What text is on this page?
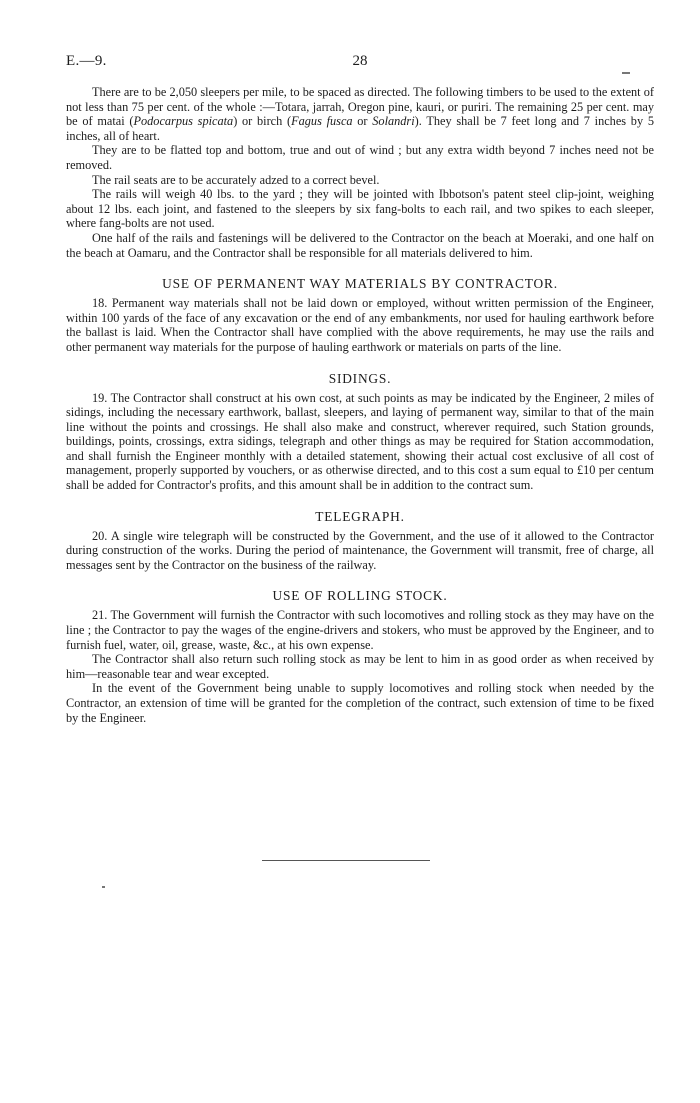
E.—9.	28

There are to be 2,050 sleepers per mile, to be spaced as directed. The following timbers to be used to the extent of not less than 75 per cent. of the whole :—Totara, jarrah, Oregon pine, kauri, or puriri. The remaining 25 per cent. may be of matai (Podocarpus spicata) or birch (Fagus fusca or Solandri). They shall be 7 feet long and 7 inches by 5 inches, all of heart.

They are to be flatted top and bottom, true and out of wind ; but any extra width beyond 7 inches need not be removed.

The rail seats are to be accurately adzed to a correct bevel.

The rails will weigh 40 lbs. to the yard ; they will be jointed with Ibbotson's patent steel clip-joint, weighing about 12 lbs. each joint, and fastened to the sleepers by six fang-bolts to each rail, and two spikes to each sleeper, where fang-bolts are not used.

One half of the rails and fastenings will be delivered to the Contractor on the beach at Moeraki, and one half on the beach at Oamaru, and the Contractor shall be responsible for all materials delivered to him.

USE OF PERMANENT WAY MATERIALS BY CONTRACTOR.

18. Permanent way materials shall not be laid down or employed, without written permission of the Engineer, within 100 yards of the face of any excavation or the end of any embankments, nor used for hauling earthwork before the ballast is laid. When the Contractor shall have complied with the above requirements, he may use the rails and other permanent way materials for the purpose of hauling earthwork or materials on parts of the line.

SIDINGS.

19. The Contractor shall construct at his own cost, at such points as may be indicated by the Engineer, 2 miles of sidings, including the necessary earthwork, ballast, sleepers, and laying of permanent way, similar to that of the main line without the points and crossings. He shall also make and construct, wherever required, such Station grounds, buildings, points, crossings, extra sidings, telegraph and other things as may be required for Station accommodation, and shall furnish the Engineer monthly with a detailed statement, showing their actual cost exclusive of all cost of management, properly supported by vouchers, or as otherwise directed, and to this cost a sum equal to £10 per centum shall be added for Contractor's profits, and this amount shall be in addition to the contract sum.

TELEGRAPH.

20. A single wire telegraph will be constructed by the Government, and the use of it allowed to the Contractor during construction of the works. During the period of maintenance, the Government will transmit, free of charge, all messages sent by the Contractor on the business of the railway.

USE OF ROLLING STOCK.

21. The Government will furnish the Contractor with such locomotives and rolling stock as they may have on the line ; the Contractor to pay the wages of the engine-drivers and stokers, who must be approved by the Engineer, and to furnish fuel, water, oil, grease, waste, &c., at his own expense.

The Contractor shall also return such rolling stock as may be lent to him in as good order as when received by him—reasonable tear and wear excepted.

In the event of the Government being unable to supply locomotives and rolling stock when needed by the Contractor, an extension of time will be granted for the completion of the contract, such extension of time to be fixed by the Engineer.
